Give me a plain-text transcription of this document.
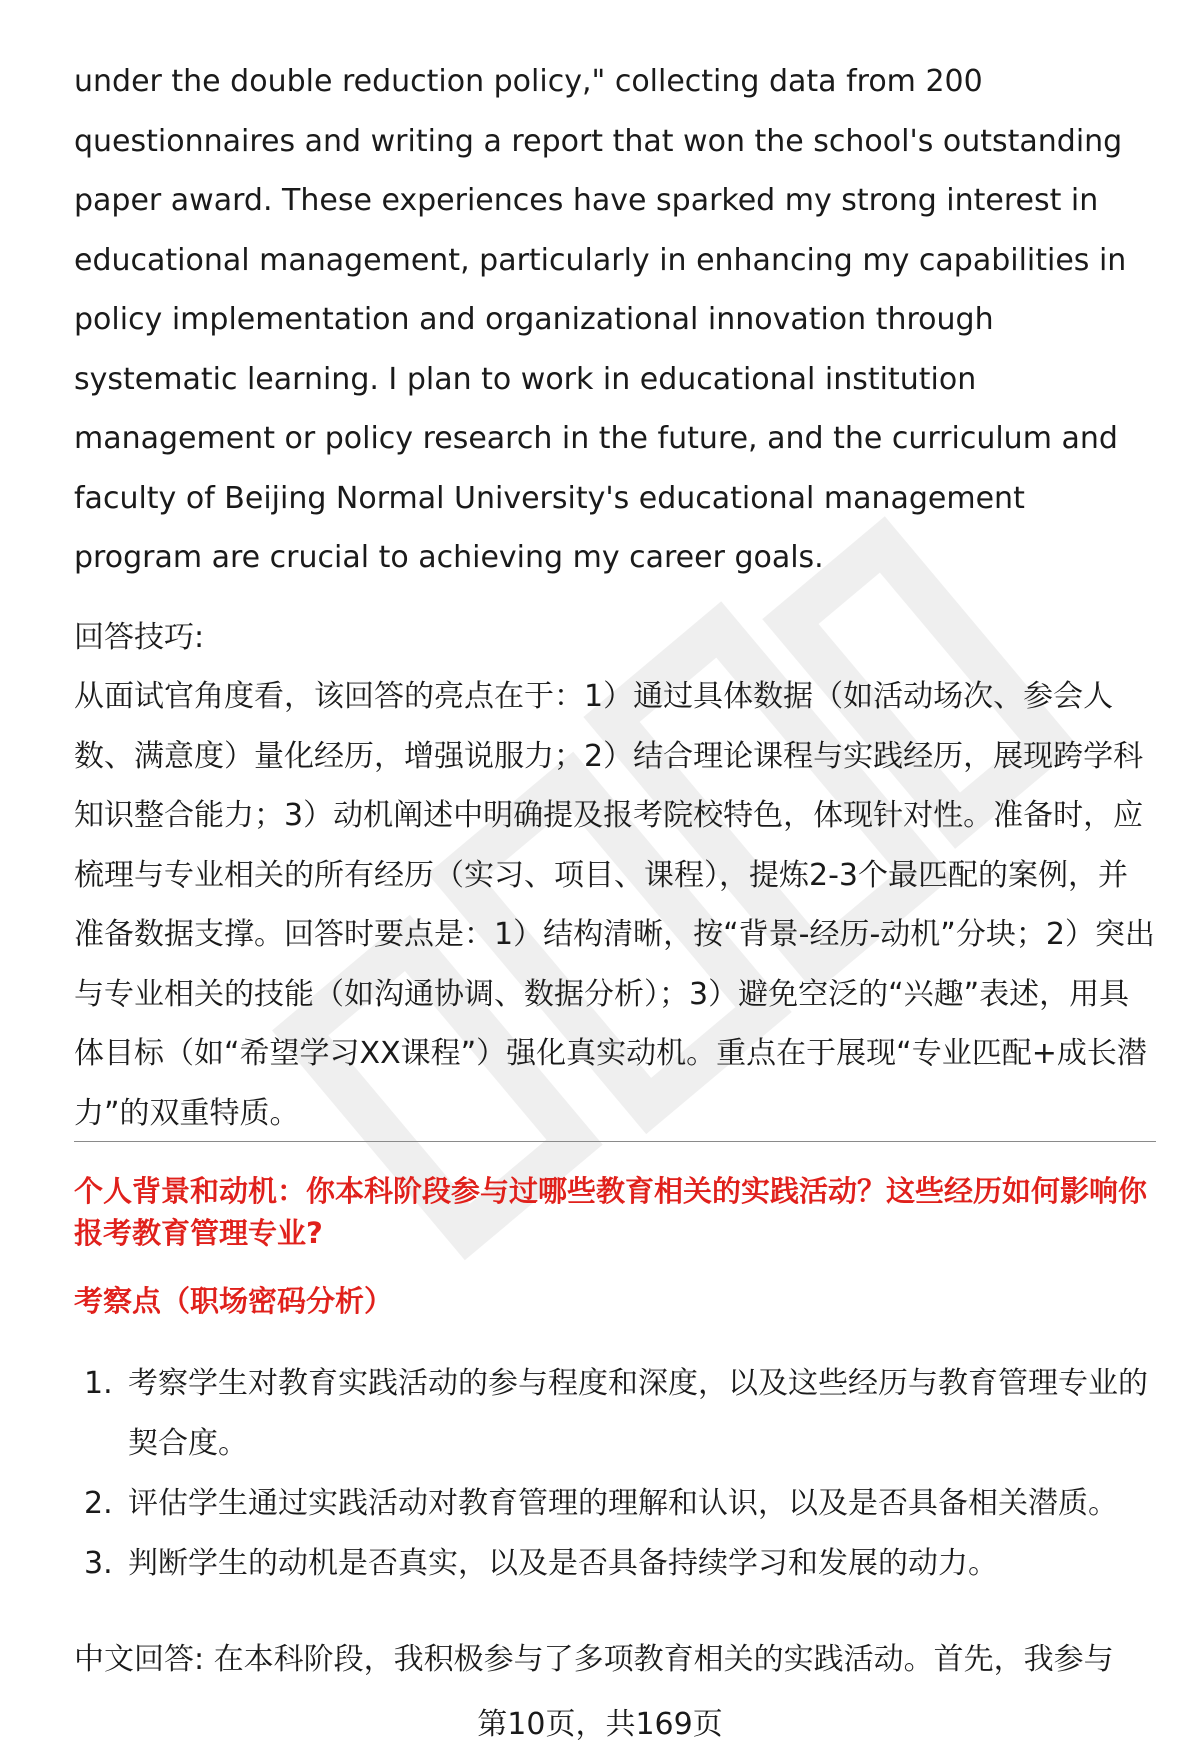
under the double reduction policy," collecting data from 200 questionnaires and writing a report that won the school's outstanding paper award. These experiences have sparked my strong interest in educational management, particularly in enhancing my capabilities in policy implementation and organizational innovation through systematic learning. I plan to work in educational institution management or policy research in the future, and the curriculum and faculty of Beijing Normal University's educational management program are crucial to achieving my career goals.

回答技巧:

从面试官角度看，该回答的亮点在于：1）通过具体数据（如活动场次、参会人数、满意度）量化经历，增强说服力；2）结合理论课程与实践经历，展现跨学科知识整合能力；3）动机阐述中明确提及报考院校特色，体现针对性。准备时，应梳理与专业相关的所有经历（实习、项目、课程），提炼2-3个最匹配的案例，并准备数据支撑。回答时要点是：1）结构清晰，按“背景-经历-动机”分块；2）突出与专业相关的技能（如沟通协调、数据分析）；3）避免空泛的“兴趣”表述，用具体目标（如“希望学习XX课程”）强化真实动机。重点在于展现“专业匹配+成长潜力”的双重特质。

个人背景和动机：你本科阶段参与过哪些教育相关的实践活动？这些经历如何影响你报考教育管理专业?

考察点（职场密码分析）

1. 考察学生对教育实践活动的参与程度和深度，以及这些经历与教育管理专业的契合度。
2. 评估学生通过实践活动对教育管理的理解和认识，以及是否具备相关潜质。
3. 判断学生的动机是否真实，以及是否具备持续学习和发展的动力。

中文回答: 在本科阶段，我积极参与了多项教育相关的实践活动。首先，我参与

第10页，共169页
